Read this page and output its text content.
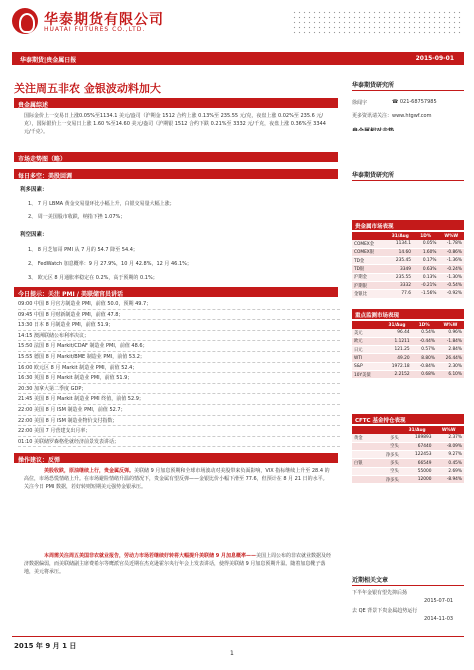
华泰期货有限公司
HUATAI FUTURES CO.,LTD.
华泰期货|贵金属日报	2015-09-01
关注周五非农 金银波动料加大
贵金属综述
国际金价上一交易日上涨0.05%至1134.1 美元/盎司（沪期金 1512 合约上涨 0.13%至 235.55 元/克，夜盘上涨 0.02%至 235.6 元/克），国际银价上一交易日上涨 1.60 %至14.60 美元/盎司（沪期银 1512 合约下跌 0.21%至 3332 元/千克，夜盘上涨 0.36%至 3344 元/千克）。
市场走势图（略）
每日多空：美股回调
利多因素：
1、 7 月 LBMA 黄金交易量环比小幅上升，白银交易量大幅上涨；
2、 周一美国股市收跌，纳指下挫 1.07%；
利空因素：
1、 8 月芝加哥 PMI 从 7 月的 54.7 降至 54.4；
2、 FedWatch 加息概率：9 月 27.9%，10 月 42.8%，12 月 46.1%；
3、 欧元区 8 月通胀率稳定在 0.2%，高于预期的 0.1%；
今日提示：关注 PMI / 美联储官员讲话
09:00 中国 8 月官方制造业 PMI，前值 50.0，预期 49.7；
09:45 中国 8 月财新制造业 PMI，前值 47.8；
13:30 日本 8 月制造业 PMI，前值 51.9；
14:15 澳洲联储公布利率决议；
15:50 法国 8 月 Markit/CDAF 制造业 PMI，前值 48.6；
15:55 德国 8 月 Markit/BME 制造业 PMI，前值 53.2；
16:00 欧元区 8 月 Markit 制造业 PMI，前值 52.4；
16:30 英国 8 月 Markit 制造业 PMI，前值 51.9；
20:30 加拿大第二季度 GDP；
21:45 美国 8 月 Markit 制造业 PMI 终值，前值 52.9；
22:00 美国 8 月 ISM 制造业 PMI，前值 52.7；
22:00 美国 8 月 ISM 制造业物价支付指数；
22:00 美国 7 月营建支出月率；
01:10 美联储罗森格伦就经济前景发表讲话；
操作建议：反弹
美股收跌，原油继续上行，贵金属反弹。美联储 9 月加息预期和全球市场波动对美股带来负面影响，VIX 指标继续上升至 28.4 的高位，市场恐慌情绪上升。在市场避险情绪升温的情况下，贵金属有望反弹——金银比价小幅下滑至 77.6，但预计在 8 月 21 日的水平。关注今日 PMI 数据，若好转则短期美元强势金银承压。
本周需关注周五美国非农就业报告，劳动力市场若继续好转将大幅提升美联储 9 月加息概率——美国上周公布的非农就业数据及经济数据偏弱，而美联储副主席费希尔等鹰派官员近期在杰克逊霍尔央行年会上发表讲话，使得美联储 9 月加息预期升温。随着加息靴子落地，美元将承压。
华泰期货研究所
徐闻宇	☎ 021-68757985
更多资讯请关注：www.htgwf.com
华泰期货研究所
贵金属市场表现
	31/Aug	1D%	W%W
COMEX金	1134.1	0.05%	-1.78%
COMEX银	14.60	1.60%	-0.86%
TD金	235.45	0.17%	-1.36%
TD银	3349	0.63%	-0.24%
沪期金	235.55	0.13%	-1.30%
沪期银	3332	-0.21%	-0.54%
金银比	77.6	-1.56%	-0.92%
重点监测市场表现
	31/Aug	1D%	W%W
美元	96.44	0.54%	0.96%
欧元	1.1211	-0.44%	-1.84%
日元	121.25	0.57%	2.84%
WTI	49.20	8.80%	26.44%
S&P	1972.18	-0.84%	2.30%
10Y美债	2.2152	0.68%	6.10%
CFTC 基金持仓表现
		31/Aug	W%W
黄金	多头	189893	2.37%
	空头	67440	-8.09%
	净多头	122453	9.27%
白银	多头	66549	0.45%
	空头	55000	2.69%
	净多头	12000	-8.94%
近期相关文章
下半年金银有望先抑后扬
2015-07-01
去 QE 背景下贵金属趋势运行
2014-11-03
2015 年 9 月 1 日
1
